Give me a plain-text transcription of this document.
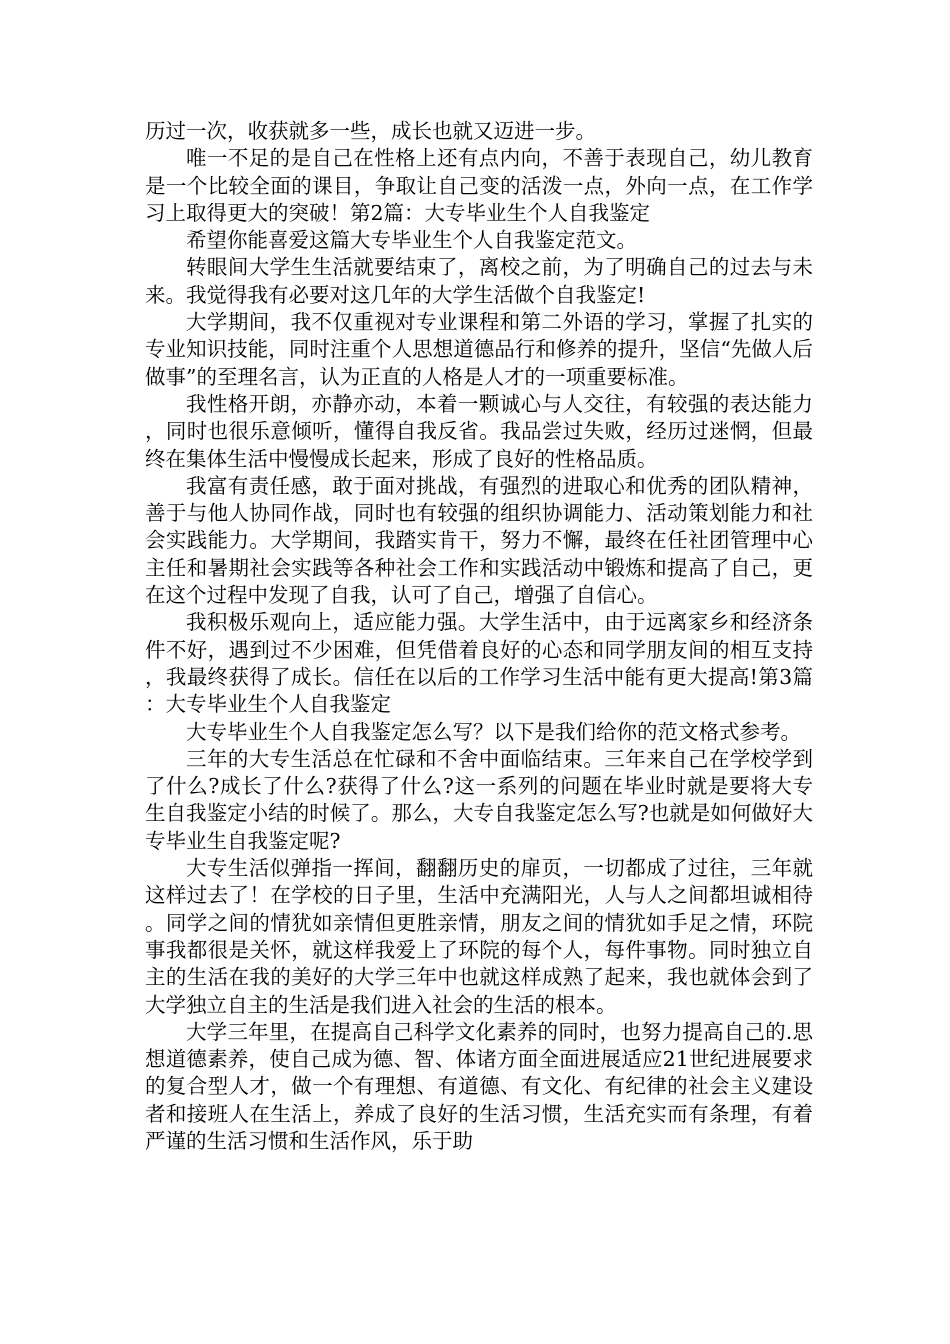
历过一次，收获就多一些，成长也就又迈进一步。

唯一不足的是自己在性格上还有点内向，不善于表现自己，幼儿教育是一个比较全面的课目，争取让自己变的活泼一点，外向一点，在工作学习上取得更大的突破！第2篇：大专毕业生个人自我鉴定

希望你能喜爱这篇大专毕业生个人自我鉴定范文。

转眼间大学生生活就要结束了，离校之前，为了明确自己的过去与未来。我觉得我有必要对这几年的大学生活做个自我鉴定!

大学期间，我不仅重视对专业课程和第二外语的学习，掌握了扎实的专业知识技能，同时注重个人思想道德品行和修养的提升，坚信“先做人后做事”的至理名言，认为正直的人格是人才的一项重要标准。

我性格开朗，亦静亦动，本着一颗诚心与人交往，有较强的表达能力，同时也很乐意倾听，懂得自我反省。我品尝过失败，经历过迷惘，但最终在集体生活中慢慢成长起来，形成了良好的性格品质。

我富有责任感，敢于面对挑战，有强烈的进取心和优秀的团队精神，善于与他人协同作战，同时也有较强的组织协调能力、活动策划能力和社会实践能力。大学期间，我踏实肯干，努力不懈，最终在任社团管理中心主任和暑期社会实践等各种社会工作和实践活动中锻炼和提高了自己，更在这个过程中发现了自我，认可了自己，增强了自信心。

我积极乐观向上，适应能力强。大学生活中，由于远离家乡和经济条件不好，遇到过不少困难，但凭借着良好的心态和同学朋友间的相互支持，我最终获得了成长。信任在以后的工作学习生活中能有更大提高!第3篇：大专毕业生个人自我鉴定

大专毕业生个人自我鉴定怎么写？以下是我们给你的范文格式参考。

三年的大专生活总在忙碌和不舍中面临结束。三年来自己在学校学到了什么?成长了什么?获得了什么?这一系列的问题在毕业时就是要将大专生自我鉴定小结的时候了。那么，大专自我鉴定怎么写?也就是如何做好大专毕业生自我鉴定呢?

大专生活似弹指一挥间，翻翻历史的扉页，一切都成了过往，三年就这样过去了！在学校的日子里，生活中充满阳光，人与人之间都坦诚相待。同学之间的情犹如亲情但更胜亲情，朋友之间的情犹如手足之情，环院事我都很是关怀，就这样我爱上了环院的每个人，每件事物。同时独立自主的生活在我的美好的大学三年中也就这样成熟了起来，我也就体会到了大学独立自主的生活是我们进入社会的生活的根本。

大学三年里，在提高自己科学文化素养的同时，也努力提高自己的.思想道德素养，使自己成为德、智、体诸方面全面进展适应21世纪进展要求的复合型人才，做一个有理想、有道德、有文化、有纪律的社会主义建设者和接班人在生活上，养成了良好的生活习惯，生活充实而有条理，有着严谨的生活习惯和生活作风，乐于助
